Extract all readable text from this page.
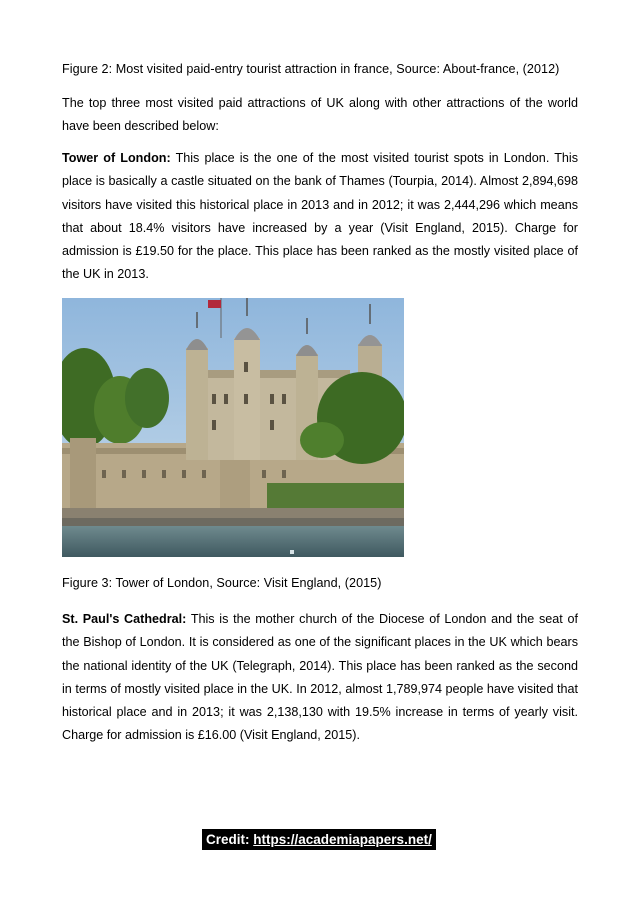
Figure 2: Most visited paid-entry tourist attraction in france, Source: About-france, (2012)

The top three most visited paid attractions of UK along with other attractions of the world have been described below:

Tower of London: This place is the one of the most visited tourist spots in London. This place is basically a castle situated on the bank of Thames (Tourpia, 2014). Almost 2,894,698 visitors have visited this historical place in 2013 and in 2012; it was 2,444,296 which means that about 18.4% visitors have increased by a year (Visit England, 2015). Charge for admission is £19.50 for the place. This place has been ranked as the mostly visited place of the UK in 2013.

Figure 3: Tower of London, Source: Visit England, (2015)

St. Paul's Cathedral: This is the mother church of the Diocese of London and the seat of the Bishop of London. It is considered as one of the significant places in the UK which bears the national identity of the UK (Telegraph, 2014). This place has been ranked as the second in terms of mostly visited place in the UK. In 2012, almost 1,789,974 people have visited that historical place and in 2013; it was 2,138,130 with 19.5% increase in terms of yearly visit. Charge for admission is £16.00 (Visit England, 2015).

Credit: https://academiapapers.net/
